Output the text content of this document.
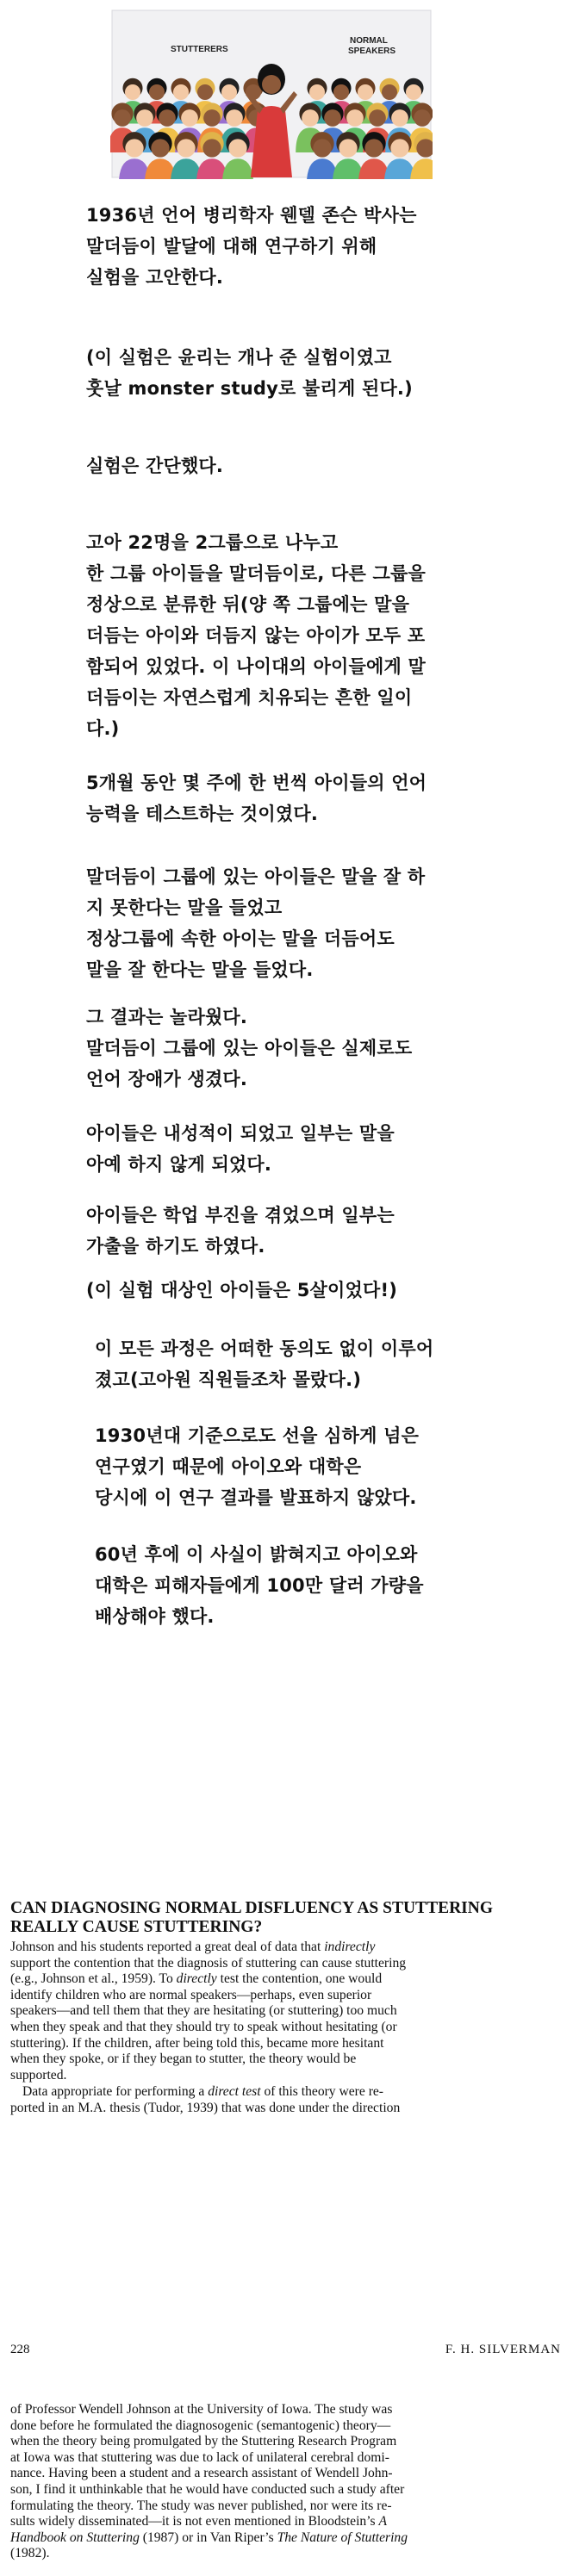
STUTTERERS
NORMAL
SPEAKERS
1936년 언어 병리학자 웬델 존슨 박사는
말더듬이 발달에 대해 연구하기 위해
실험을 고안한다.
(이 실험은 윤리는 개나 준 실험이였고
훗날 monster study로 불리게 된다.)
실험은 간단했다.
고아 22명을 2그룹으로 나누고
한 그룹 아이들을 말더듬이로, 다른 그룹을
정상으로 분류한 뒤(양 쪽 그룹에는 말을
더듬는 아이와 더듬지 않는 아이가 모두 포
함되어 있었다. 이 나이대의 아이들에게 말
더듬이는 자연스럽게 치유되는 흔한 일이
다.)
5개월 동안 몇 주에 한 번씩 아이들의 언어
능력을 테스트하는 것이였다.
말더듬이 그룹에 있는 아이들은 말을 잘 하
지 못한다는 말을 들었고
정상그룹에 속한 아이는 말을 더듬어도
말을 잘 한다는 말을 들었다.
그 결과는 놀라웠다.
말더듬이 그룹에 있는 아이들은 실제로도
언어 장애가 생겼다.
아이들은 내성적이 되었고 일부는 말을
아예 하지 않게 되었다.
아이들은 학업 부진을 겪었으며 일부는
가출을 하기도 하였다.
(이 실험 대상인 아이들은 5살이었다!)
이 모든 과정은 어떠한 동의도 없이 이루어
졌고(고아원 직원들조차 몰랐다.)
1930년대 기준으로도 선을 심하게 넘은
연구였기 때문에 아이오와 대학은
당시에 이 연구 결과를 발표하지 않았다.
60년 후에 이 사실이 밝혀지고 아이오와
대학은 피해자들에게 100만 달러 가량을
배상해야 했다.
CAN DIAGNOSING NORMAL DISFLUENCY AS STUTTERING
REALLY CAUSE STUTTERING?
Johnson and his students reported a great deal of data that indirectly
support the contention that the diagnosis of stuttering can cause stuttering
(e.g., Johnson et al., 1959). To directly test the contention, one would
identify children who are normal speakers—perhaps, even superior
speakers—and tell them that they are hesitating (or stuttering) too much
when they speak and that they should try to speak without hesitating (or
stuttering). If the children, after being told this, became more hesitant
when they spoke, or if they began to stutter, the theory would be
supported.
Data appropriate for performing a direct test of this theory were re-
ported in an M.A. thesis (Tudor, 1939) that was done under the direction
228	F. H. SILVERMAN
of Professor Wendell Johnson at the University of Iowa. The study was
done before he formulated the diagnosogenic (semantogenic) theory—
when the theory being promulgated by the Stuttering Research Program
at Iowa was that stuttering was due to lack of unilateral cerebral domi-
nance. Having been a student and a research assistant of Wendell John-
son, I find it unthinkable that he would have conducted such a study after
formulating the theory. The study was never published, nor were its re-
sults widely disseminated—it is not even mentioned in Bloodstein’s A
Handbook on Stuttering (1987) or in Van Riper’s The Nature of Stuttering
(1982).
